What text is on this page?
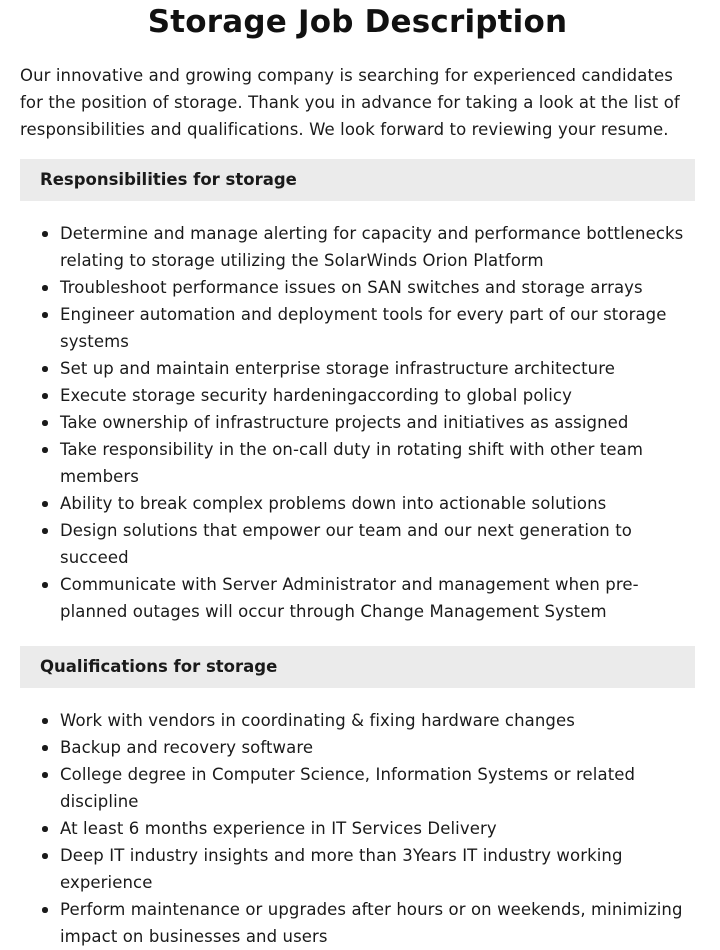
Storage Job Description

Our innovative and growing company is searching for experienced candidates for the position of storage. Thank you in advance for taking a look at the list of responsibilities and qualifications. We look forward to reviewing your resume.

Responsibilities for storage
Determine and manage alerting for capacity and performance bottlenecks relating to storage utilizing the SolarWinds Orion Platform
Troubleshoot performance issues on SAN switches and storage arrays
Engineer automation and deployment tools for every part of our storage systems
Set up and maintain enterprise storage infrastructure architecture
Execute storage security hardeningaccording to global policy
Take ownership of infrastructure projects and initiatives as assigned
Take responsibility in the on-call duty in rotating shift with other team members
Ability to break complex problems down into actionable solutions
Design solutions that empower our team and our next generation to succeed
Communicate with Server Administrator and management when pre-planned outages will occur through Change Management System
Qualifications for storage
Work with vendors in coordinating & fixing hardware changes
Backup and recovery software
College degree in Computer Science, Information Systems or related discipline
At least 6 months experience in IT Services Delivery
Deep IT industry insights and more than 3Years IT industry working experience
Perform maintenance or upgrades after hours or on weekends, minimizing impact on businesses and users
